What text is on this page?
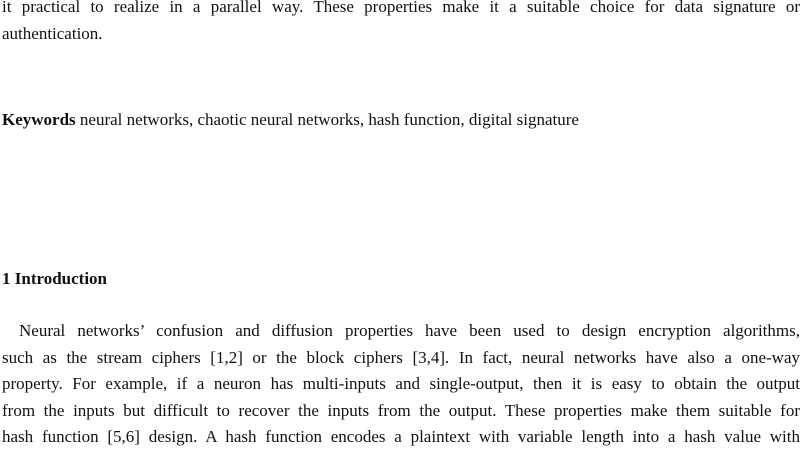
it practical to realize in a parallel way. These properties make it a suitable choice for data signature or
authentication.

Keywords neural networks, chaotic neural networks, hash function, digital signature

1 Introduction

Neural networks’ confusion and diffusion properties have been used to design encryption algorithms,
such as the stream ciphers [1,2] or the block ciphers [3,4]. In fact, neural networks have also a one-way
property. For example, if a neuron has multi-inputs and single-output, then it is easy to obtain the output
from the inputs but difficult to recover the inputs from the output. These properties make them suitable for
hash function [5,6] design. A hash function encodes a plaintext with variable length into a hash value with
